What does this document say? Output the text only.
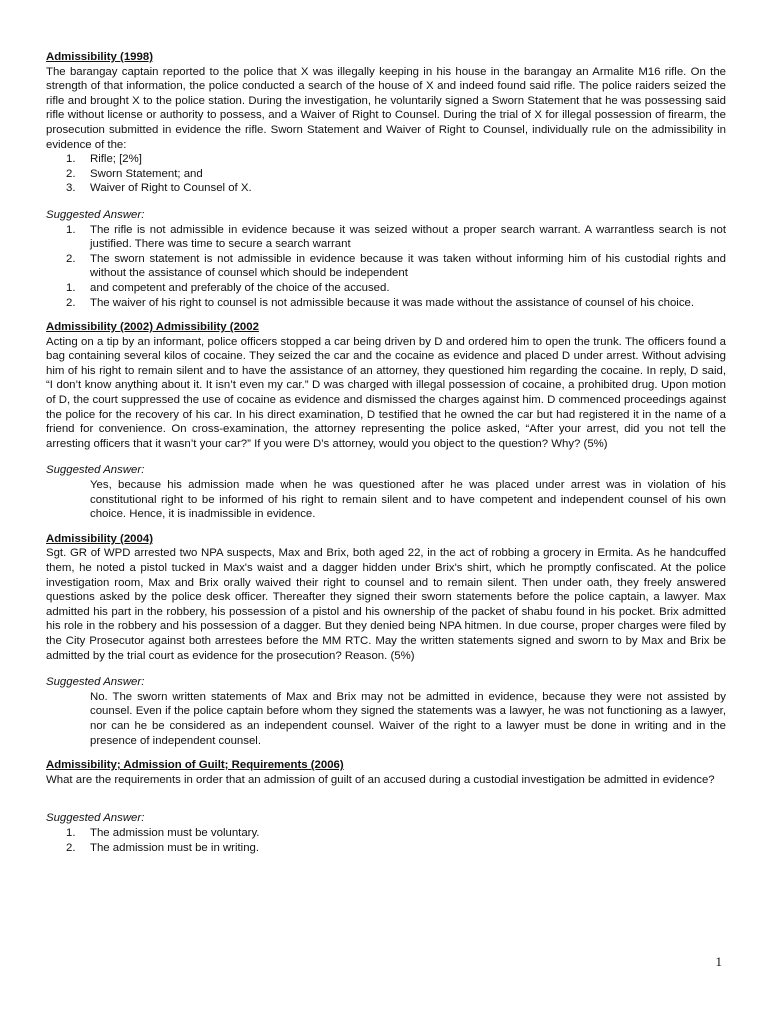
Admissibility (1998)

The barangay captain reported to the police that X was illegally keeping in his house in the barangay an Armalite M16 rifle. On the strength of that information, the police conducted a search of the house of X and indeed found said rifle. The police raiders seized the rifle and brought X to the police station. During the investigation, he voluntarily signed a Sworn Statement that he was possessing said rifle without license or authority to possess, and a Waiver of Right to Counsel. During the trial of X for illegal possession of firearm, the prosecution submitted in evidence the rifle. Sworn Statement and Waiver of Right to Counsel, individually rule on the admissibility in evidence of the:

1. Rifle; [2%]
2. Sworn Statement; and
3. Waiver of Right to Counsel of X.
Suggested Answer:
1. The rifle is not admissible in evidence because it was seized without a proper search warrant. A warrantless search is not justified. There was time to secure a search warrant
2. The sworn statement is not admissible in evidence because it was taken without informing him of his custodial rights and without the assistance of counsel which should be independent
1. and competent and preferably of the choice of the accused.
2. The waiver of his right to counsel is not admissible because it was made without the assistance of counsel of his choice.
Admissibility (2002) Admissibility (2002

Acting on a tip by an informant, police officers stopped a car being driven by D and ordered him to open the trunk. The officers found a bag containing several kilos of cocaine. They seized the car and the cocaine as evidence and placed D under arrest. Without advising him of his right to remain silent and to have the assistance of an attorney, they questioned him regarding the cocaine. In reply, D said, “I don’t know anything about it. It isn’t even my car.” D was charged with illegal possession of cocaine, a prohibited drug. Upon motion of D, the court suppressed the use of cocaine as evidence and dismissed the charges against him. D commenced proceedings against the police for the recovery of his car. In his direct examination, D testified that he owned the car but had registered it in the name of a friend for convenience. On cross-examination, the attorney representing the police asked, “After your arrest, did you not tell the arresting officers that it wasn’t your car?” If you were D’s attorney, would you object to the question? Why? (5%)

Suggested Answer:

Yes, because his admission made when he was questioned after he was placed under arrest was in violation of his constitutional right to be informed of his right to remain silent and to have competent and independent counsel of his own choice. Hence, it is inadmissible in evidence.

Admissibility (2004)

Sgt. GR of WPD arrested two NPA suspects, Max and Brix, both aged 22, in the act of robbing a grocery in Ermita. As he handcuffed them, he noted a pistol tucked in Max's waist and a dagger hidden under Brix's shirt, which he promptly confiscated. At the police investigation room, Max and Brix orally waived their right to counsel and to remain silent. Then under oath, they freely answered questions asked by the police desk officer. Thereafter they signed their sworn statements before the police captain, a lawyer. Max admitted his part in the robbery, his possession of a pistol and his ownership of the packet of shabu found in his pocket. Brix admitted his role in the robbery and his possession of a dagger. But they denied being NPA hitmen. In due course, proper charges were filed by the City Prosecutor against both arrestees before the MM RTC. May the written statements signed and sworn to by Max and Brix be admitted by the trial court as evidence for the prosecution? Reason. (5%)

Suggested Answer:

No. The sworn written statements of Max and Brix may not be admitted in evidence, because they were not assisted by counsel. Even if the police captain before whom they signed the statements was a lawyer, he was not functioning as a lawyer, nor can he be considered as an independent counsel. Waiver of the right to a lawyer must be done in writing and in the presence of independent counsel.

Admissibility; Admission of Guilt; Requirements (2006)

What are the requirements in order that an admission of guilt of an accused during a custodial investigation be admitted in evidence?

Suggested Answer:
1. The admission must be voluntary.
2. The admission must be in writing.
1
